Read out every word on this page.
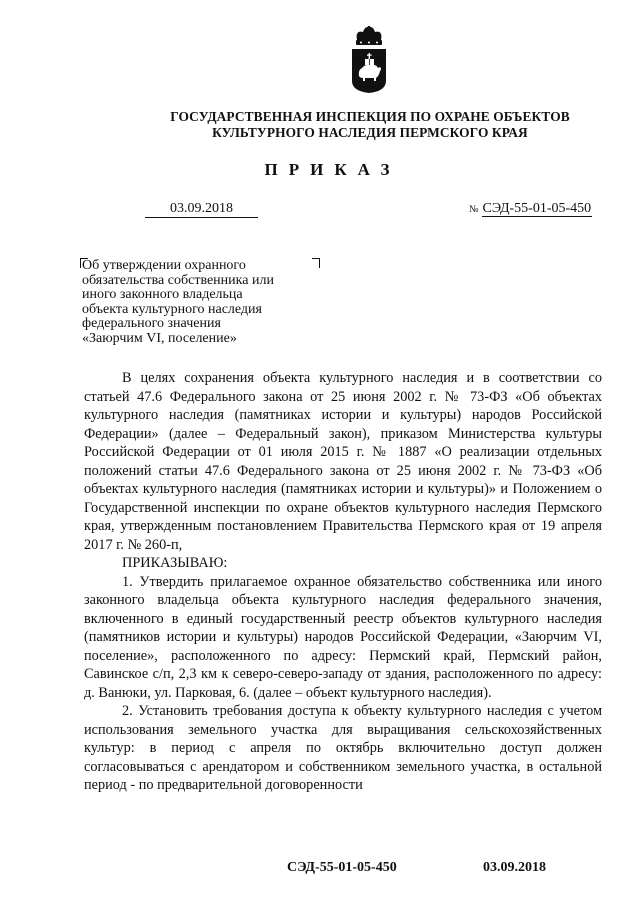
ГОСУДАРСТВЕННАЯ ИНСПЕКЦИЯ ПО ОХРАНЕ ОБЪЕКТОВ
КУЛЬТУРНОГО НАСЛЕДИЯ ПЕРМСКОГО КРАЯ
ПРИКАЗ
03.09.2018	№ СЭД-55-01-05-450
Об утверждении охранного
обязательства собственника или
иного законного владельца
объекта культурного наследия
федерального значения
«Заюрчим VI, поселение»

В целях сохранения объекта культурного наследия и в соответствии со статьей 47.6 Федерального закона от 25 июня 2002 г. № 73-ФЗ «Об объектах культурного наследия (памятниках истории и культуры) народов Российской Федерации» (далее – Федеральный закон), приказом Министерства культуры Российской Федерации от 01 июля 2015 г. № 1887 «О реализации отдельных положений статьи 47.6 Федерального закона от 25 июня 2002 г. № 73-ФЗ «Об объектах культурного наследия (памятниках истории и культуры)» и Положением о Государственной инспекции по охране объектов культурного наследия Пермского края, утвержденным постановлением Правительства Пермского края от 19 апреля 2017 г. № 260-п,

ПРИКАЗЫВАЮ:

1. Утвердить прилагаемое охранное обязательство собственника или иного законного владельца объекта культурного наследия федерального значения, включенного в единый государственный реестр объектов культурного наследия (памятников истории и культуры) народов Российской Федерации, «Заюрчим VI, поселение», расположенного по адресу: Пермский край, Пермский район, Савинское с/п, 2,3 км к северо-северо-западу от здания, расположенного по адресу: д. Ванюки, ул. Парковая, 6. (далее – объект культурного наследия).

2. Установить требования доступа к объекту культурного наследия с учетом использования земельного участка для выращивания сельскохозяйственных культур: в период с апреля по октябрь включительно доступ должен согласовываться с арендатором и собственником земельного участка, в остальной период - по предварительной договоренности

СЭД-55-01-05-450	03.09.2018
